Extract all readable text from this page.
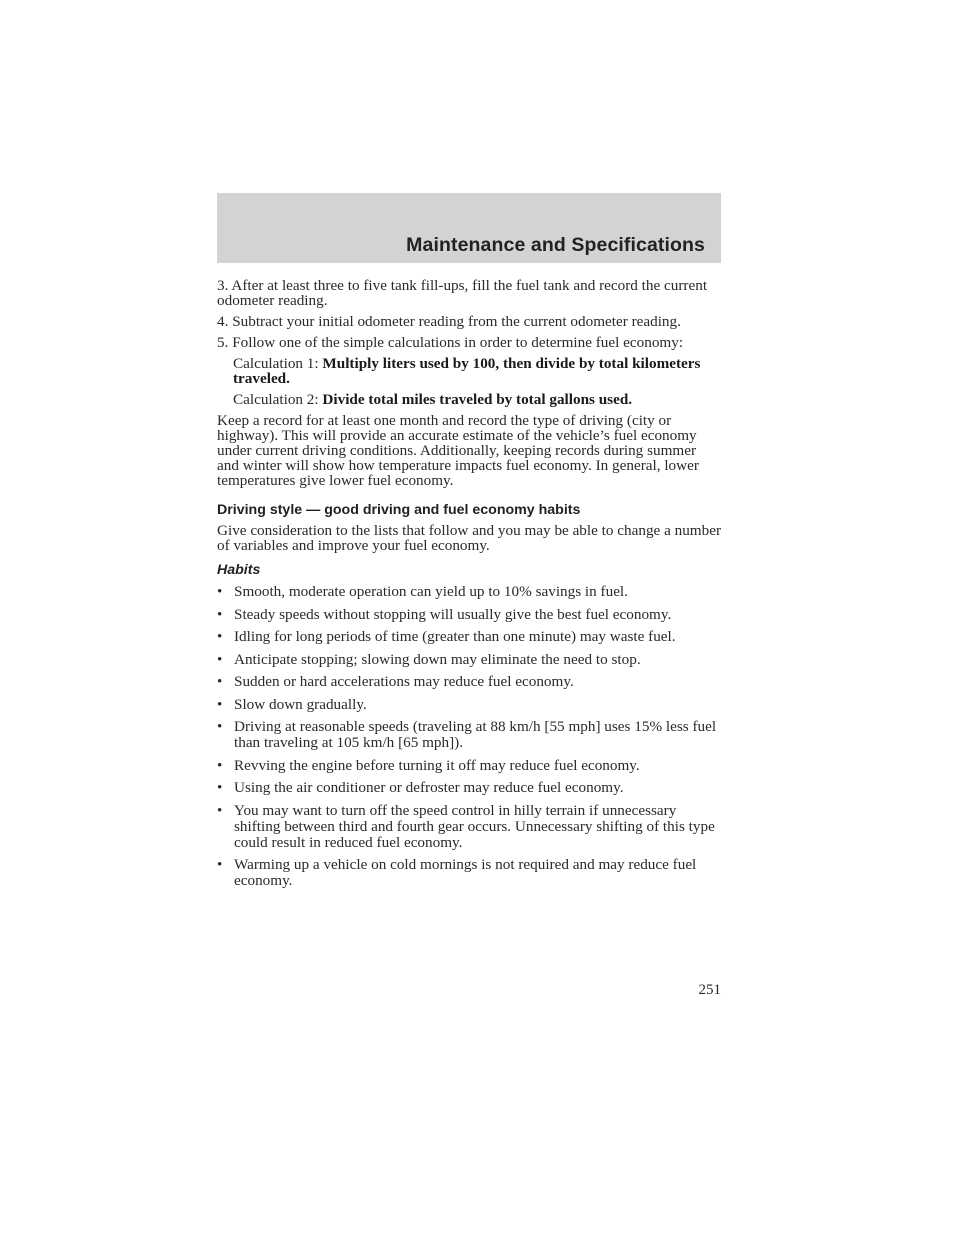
Maintenance and Specifications

3. After at least three to five tank fill-ups, fill the fuel tank and record the current odometer reading.

4. Subtract your initial odometer reading from the current odometer reading.

5. Follow one of the simple calculations in order to determine fuel economy:

Calculation 1: Multiply liters used by 100, then divide by total kilometers traveled.

Calculation 2: Divide total miles traveled by total gallons used.

Keep a record for at least one month and record the type of driving (city or highway). This will provide an accurate estimate of the vehicle’s fuel economy under current driving conditions. Additionally, keeping records during summer and winter will show how temperature impacts fuel economy. In general, lower temperatures give lower fuel economy.

Driving style — good driving and fuel economy habits

Give consideration to the lists that follow and you may be able to change a number of variables and improve your fuel economy.

Habits

• Smooth, moderate operation can yield up to 10% savings in fuel.
• Steady speeds without stopping will usually give the best fuel economy.
• Idling for long periods of time (greater than one minute) may waste fuel.
• Anticipate stopping; slowing down may eliminate the need to stop.
• Sudden or hard accelerations may reduce fuel economy.
• Slow down gradually.
• Driving at reasonable speeds (traveling at 88 km/h [55 mph] uses 15% less fuel than traveling at 105 km/h [65 mph]).
• Revving the engine before turning it off may reduce fuel economy.
• Using the air conditioner or defroster may reduce fuel economy.
• You may want to turn off the speed control in hilly terrain if unnecessary shifting between third and fourth gear occurs. Unnecessary shifting of this type could result in reduced fuel economy.
• Warming up a vehicle on cold mornings is not required and may reduce fuel economy.
251
